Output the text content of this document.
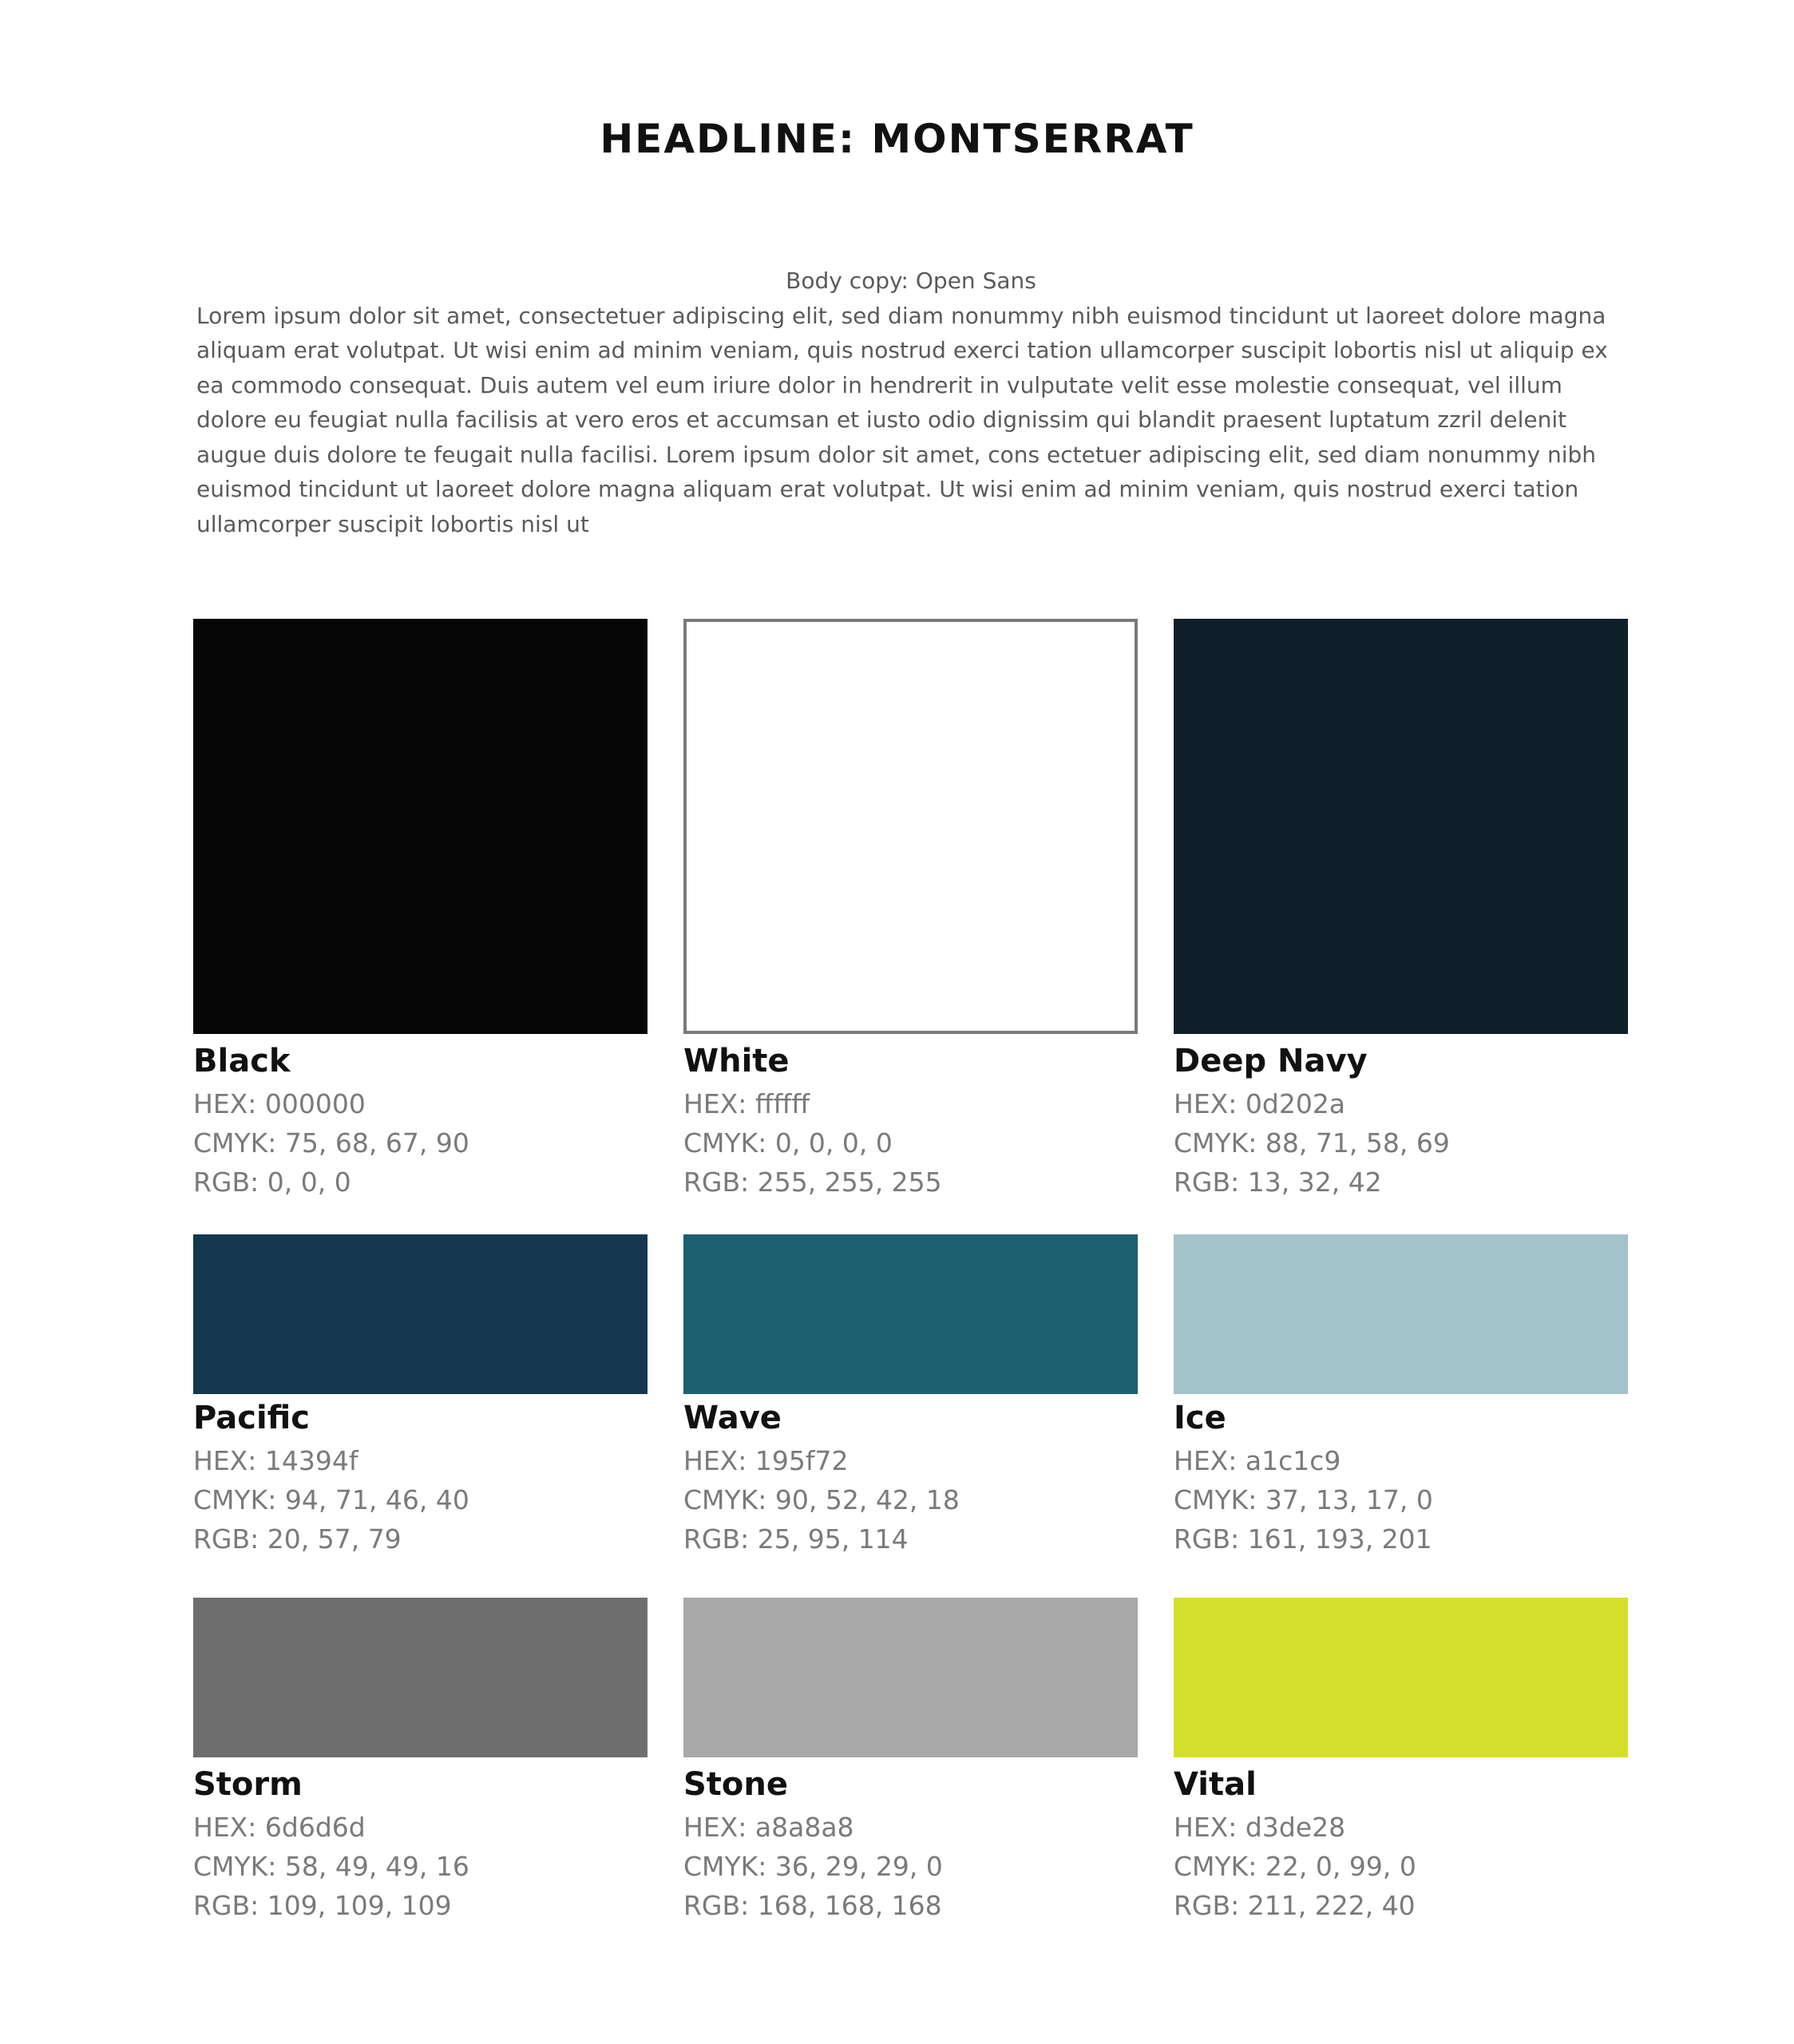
HEADLINE: MONTSERRAT
Body copy: Open Sans
Lorem ipsum dolor sit amet, consectetuer adipiscing elit, sed diam nonummy nibh euismod tincidunt ut laoreet dolore magna aliquam erat volutpat. Ut wisi enim ad minim veniam, quis nostrud exerci tation ullamcorper suscipit lobortis nisl ut aliquip ex ea commodo consequat. Duis autem vel eum iriure dolor in hendrerit in vulputate velit esse molestie consequat, vel illum dolore eu feugiat nulla facilisis at vero eros et accumsan et iusto odio dignissim qui blandit praesent luptatum zzril delenit augue duis dolore te feugait nulla facilisi. Lorem ipsum dolor sit amet, cons ectetuer adipiscing elit, sed diam nonummy nibh euismod tincidunt ut laoreet dolore magna aliquam erat volutpat. Ut wisi enim ad minim veniam, quis nostrud exerci tation ullamcorper suscipit lobortis nisl ut
Black
HEX: 000000
CMYK: 75, 68, 67, 90
RGB: 0, 0, 0
White
HEX: ffffff
CMYK: 0, 0, 0, 0
RGB: 255, 255, 255
Deep Navy
HEX: 0d202a
CMYK: 88, 71, 58, 69
RGB: 13, 32, 42
Pacific
HEX: 14394f
CMYK: 94, 71, 46, 40
RGB: 20, 57, 79
Wave
HEX: 195f72
CMYK: 90, 52, 42, 18
RGB: 25, 95, 114
Ice
HEX: a1c1c9
CMYK: 37, 13, 17, 0
RGB: 161, 193, 201
Storm
HEX: 6d6d6d
CMYK: 58, 49, 49, 16
RGB: 109, 109, 109
Stone
HEX: a8a8a8
CMYK: 36, 29, 29, 0
RGB: 168, 168, 168
Vital
HEX: d3de28
CMYK: 22, 0, 99, 0
RGB: 211, 222, 40
